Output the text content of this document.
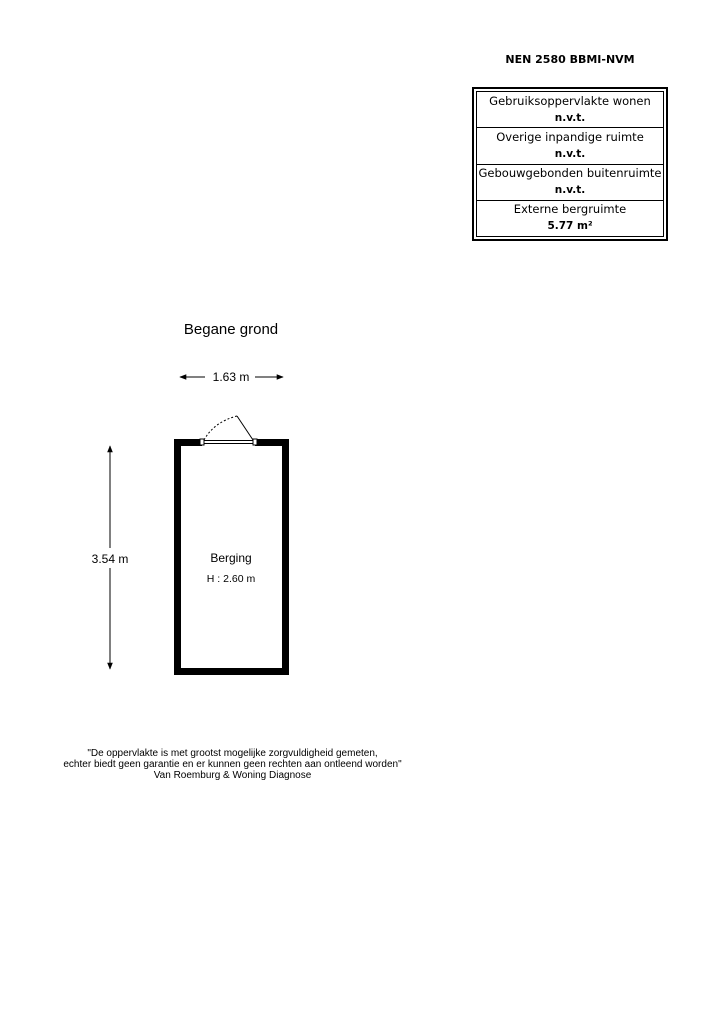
NEN 2580 BBMI-NVM
Gebruiksoppervlakte wonen
n.v.t.
Overige inpandige ruimte
n.v.t.
Gebouwgebonden buitenruimte
n.v.t.
Externe bergruimte
5.77 m²
Begane grond
1.63 m
3.54 m	Berging
H : 2.60 m
"De oppervlakte is met grootst mogelijke zorgvuldigheid gemeten,
echter biedt geen garantie en er kunnen geen rechten aan ontleend worden"
Van Roemburg & Woning Diagnose
